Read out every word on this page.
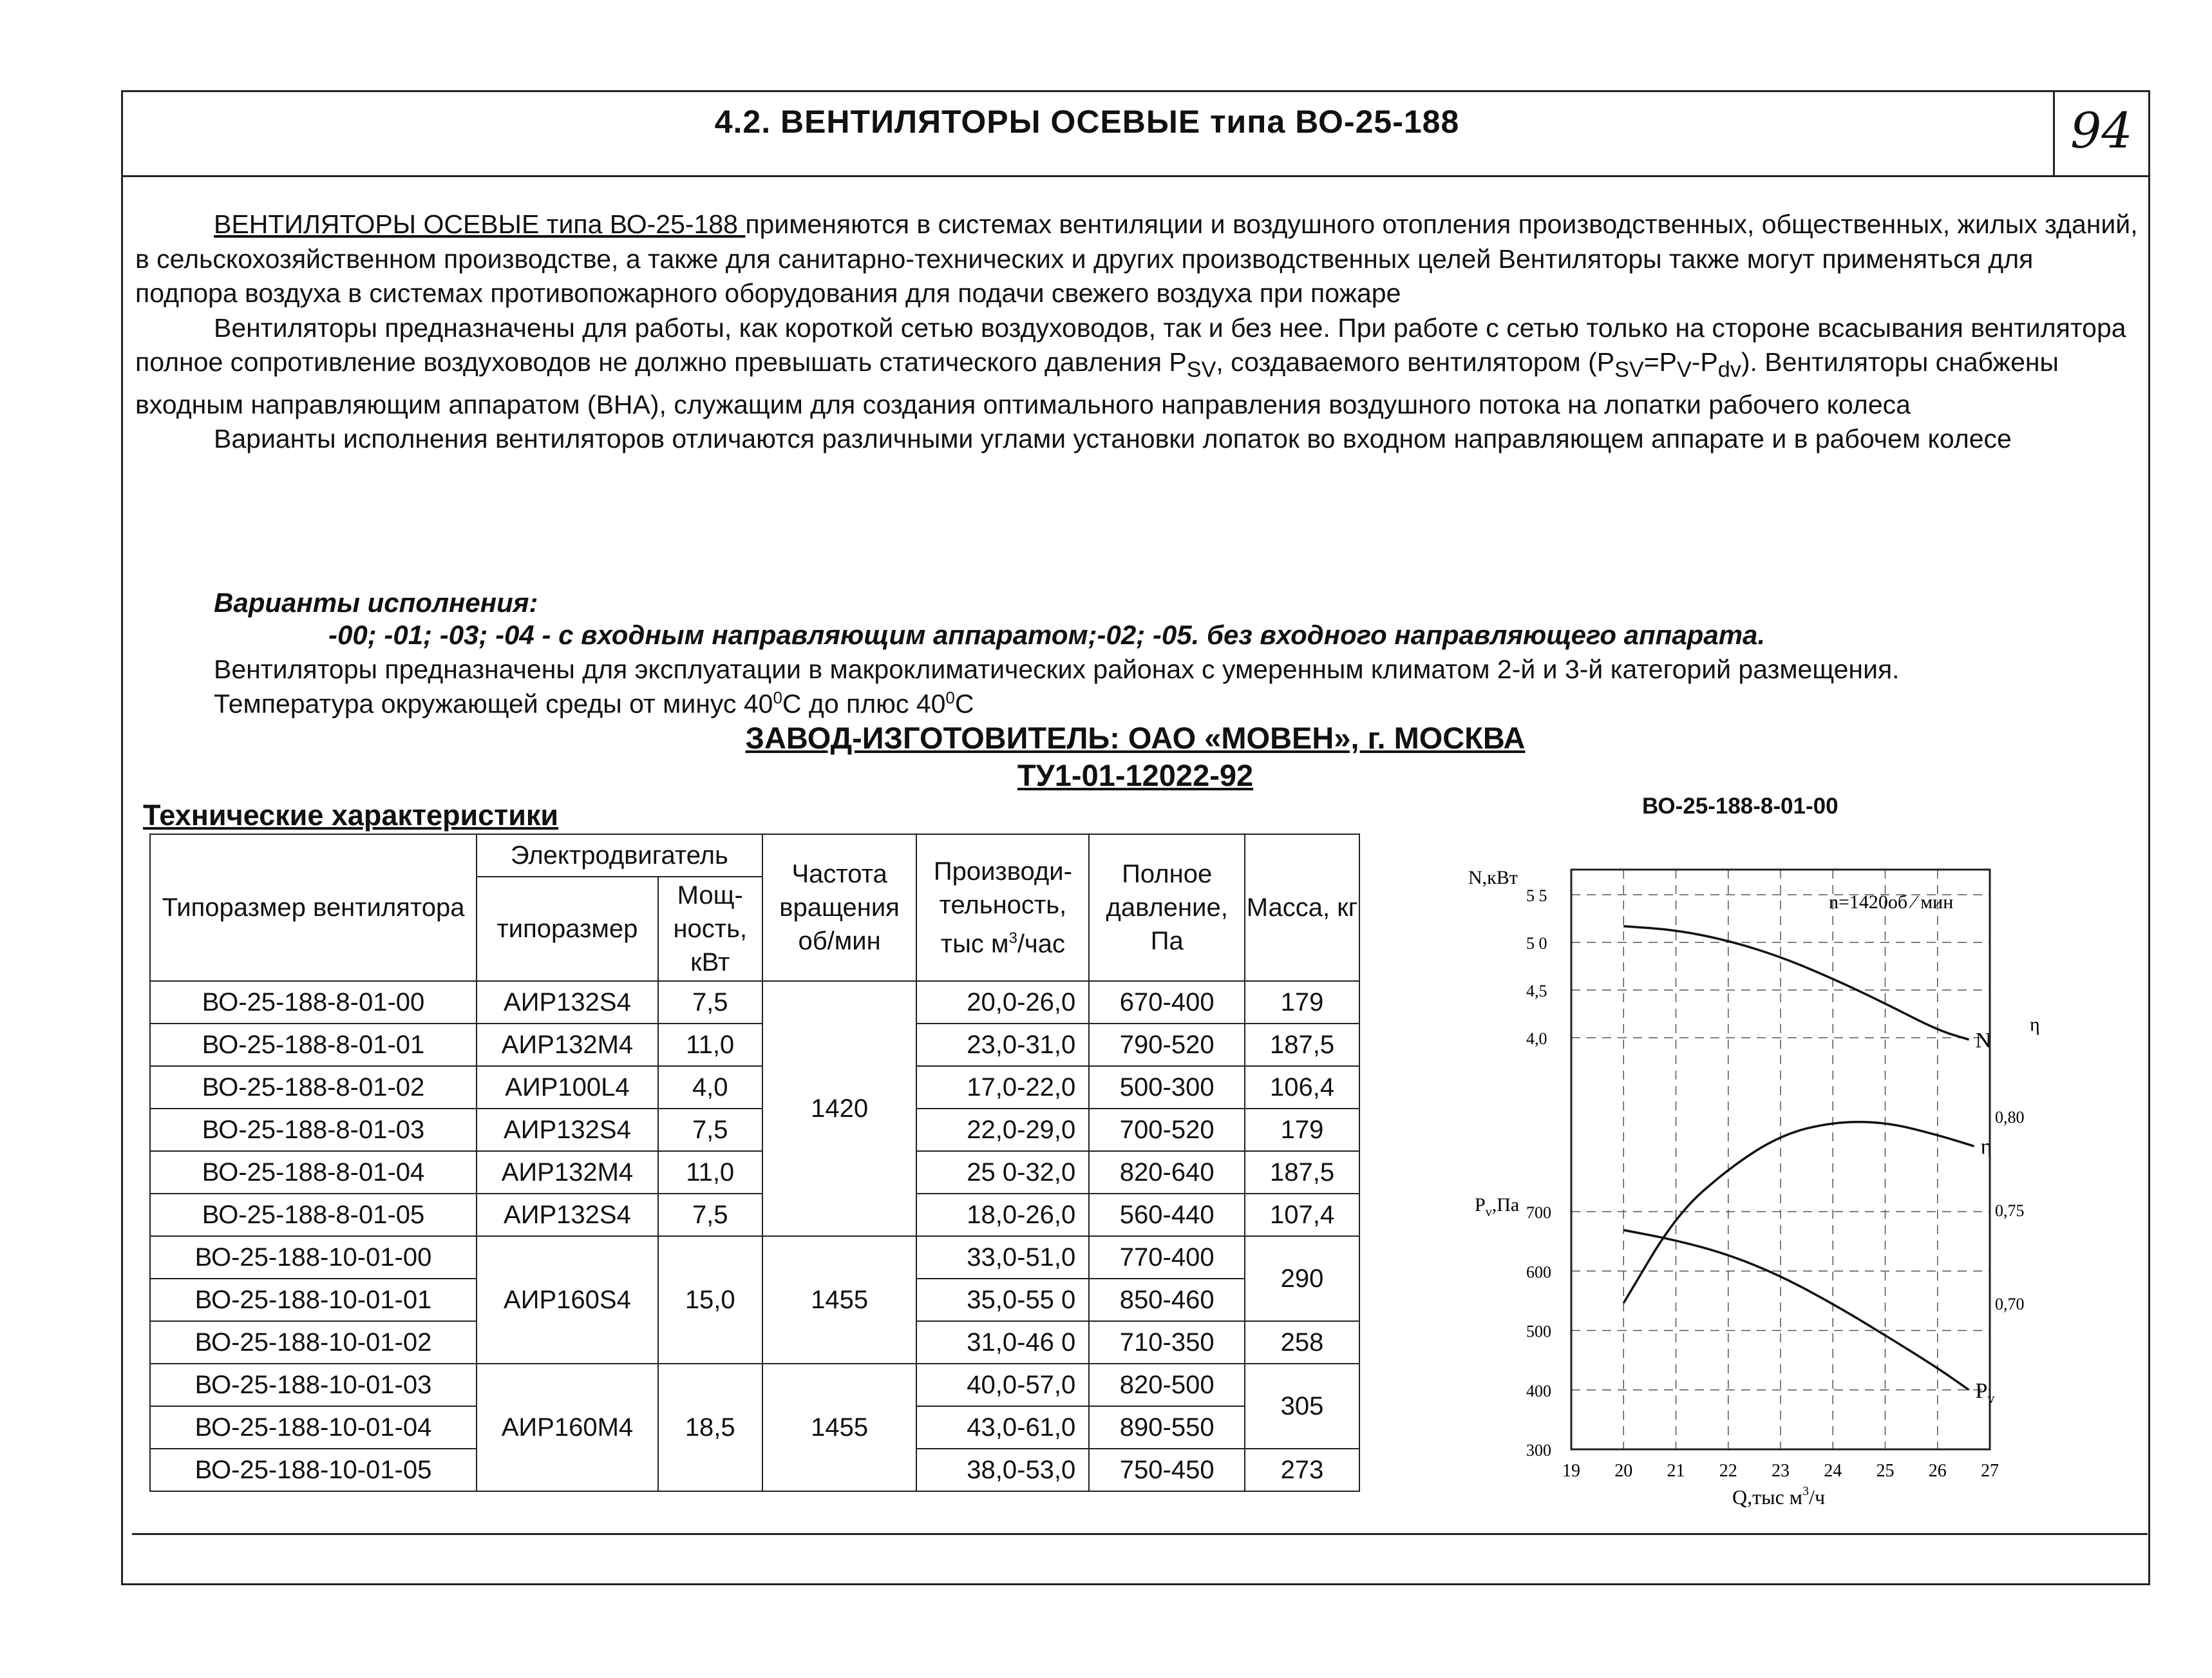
4.2. ВЕНТИЛЯТОРЫ ОСЕВЫЕ типа ВО-25-188	94

ВЕНТИЛЯТОРЫ ОСЕВЫЕ типа ВО-25-188 применяются в системах вентиляции и воздушного отопления производственных, общественных, жилых зданий, в сельскохозяйственном производстве, а также для санитарно-технических и других производственных целей Вентиляторы также могут применяться для подпора воздуха в системах противопожарного оборудования для подачи свежего воздуха при пожаре

Вентиляторы предназначены для работы, как короткой сетью воздуховодов, так и без нее. При работе с сетью только на стороне всасывания вентилятора полное сопротивление воздуховодов не должно превышать статического давления $P_{SV}$, создаваемого вентилятором $(P_{SV}=P_V-P_{dv})$. Вентиляторы снабжены входным направляющим аппаратом (ВНА), служащим для создания оптимального направления воздушного потока на лопатки рабочего колеса

Варианты исполнения вентиляторов отличаются различными углами установки лопаток во входном направляющем аппарате и в рабочем колесе

Варианты исполнения:
-00; -01; -03; -04 - с входным направляющим аппаратом;-02; -05. без входного направляющего аппарата.
Вентиляторы предназначены для эксплуатации в макроклиматических районах с умеренным климатом 2-й и 3-й категорий размещения.
Температура окружающей среды от минус $40^0С$ до плюс $40^0С$
ЗАВОД-ИЗГОТОВИТЕЛЬ: ОАО «МОВЕН», г. МОСКВА
ТУ1-01-12022-92
Технические характеристики	ВО-25-188-8-01-00
Типоразмер вентилятора	Электродвигатель		Частота вращения об/мин	Производи-тельность, тыс $м^3$/час	Полное давление, Па	Масса, кг
	типоразмер	Мощ-ность, кВт				
ВО-25-188-8-01-00	АИР132S4	7,5	1420	20,0-26,0	670-400	179
ВО-25-188-8-01-01	АИР132М4	11,0		23,0-31,0	790-520	187,5
ВО-25-188-8-01-02	АИР100L4	4,0		17,0-22,0	500-300	106,4
ВО-25-188-8-01-03	АИР132S4	7,5		22,0-29,0	700-520	179
ВО-25-188-8-01-04	АИР132М4	11,0		25 0-32,0	820-640	187,5
ВО-25-188-8-01-05	АИР132S4	7,5		18,0-26,0	560-440	107,4
ВО-25-188-10-01-00	АИР160S4	15,0	1455	33,0-51,0	770-400	290
ВО-25-188-10-01-01				35,0-55 0	850-460	
ВО-25-188-10-01-02				31,0-46 0	710-350	258
ВО-25-188-10-01-03	АИР160М4	18,5	1455	40,0-57,0	820-500	305
ВО-25-188-10-01-04				43,0-61,0	890-550	
ВО-25-188-10-01-05				38,0-53,0	750-450	273	19 20 21 22 23 24 25 26 27
5 5
5 0
4,5
4,0
700
600
500
400
300
0,80
0,75
0,70
N
η
$P_v$
N,кВт
$P_v,Па$
η
n=1420об ⁄ мин
Q,тыс $м^3/ч$
